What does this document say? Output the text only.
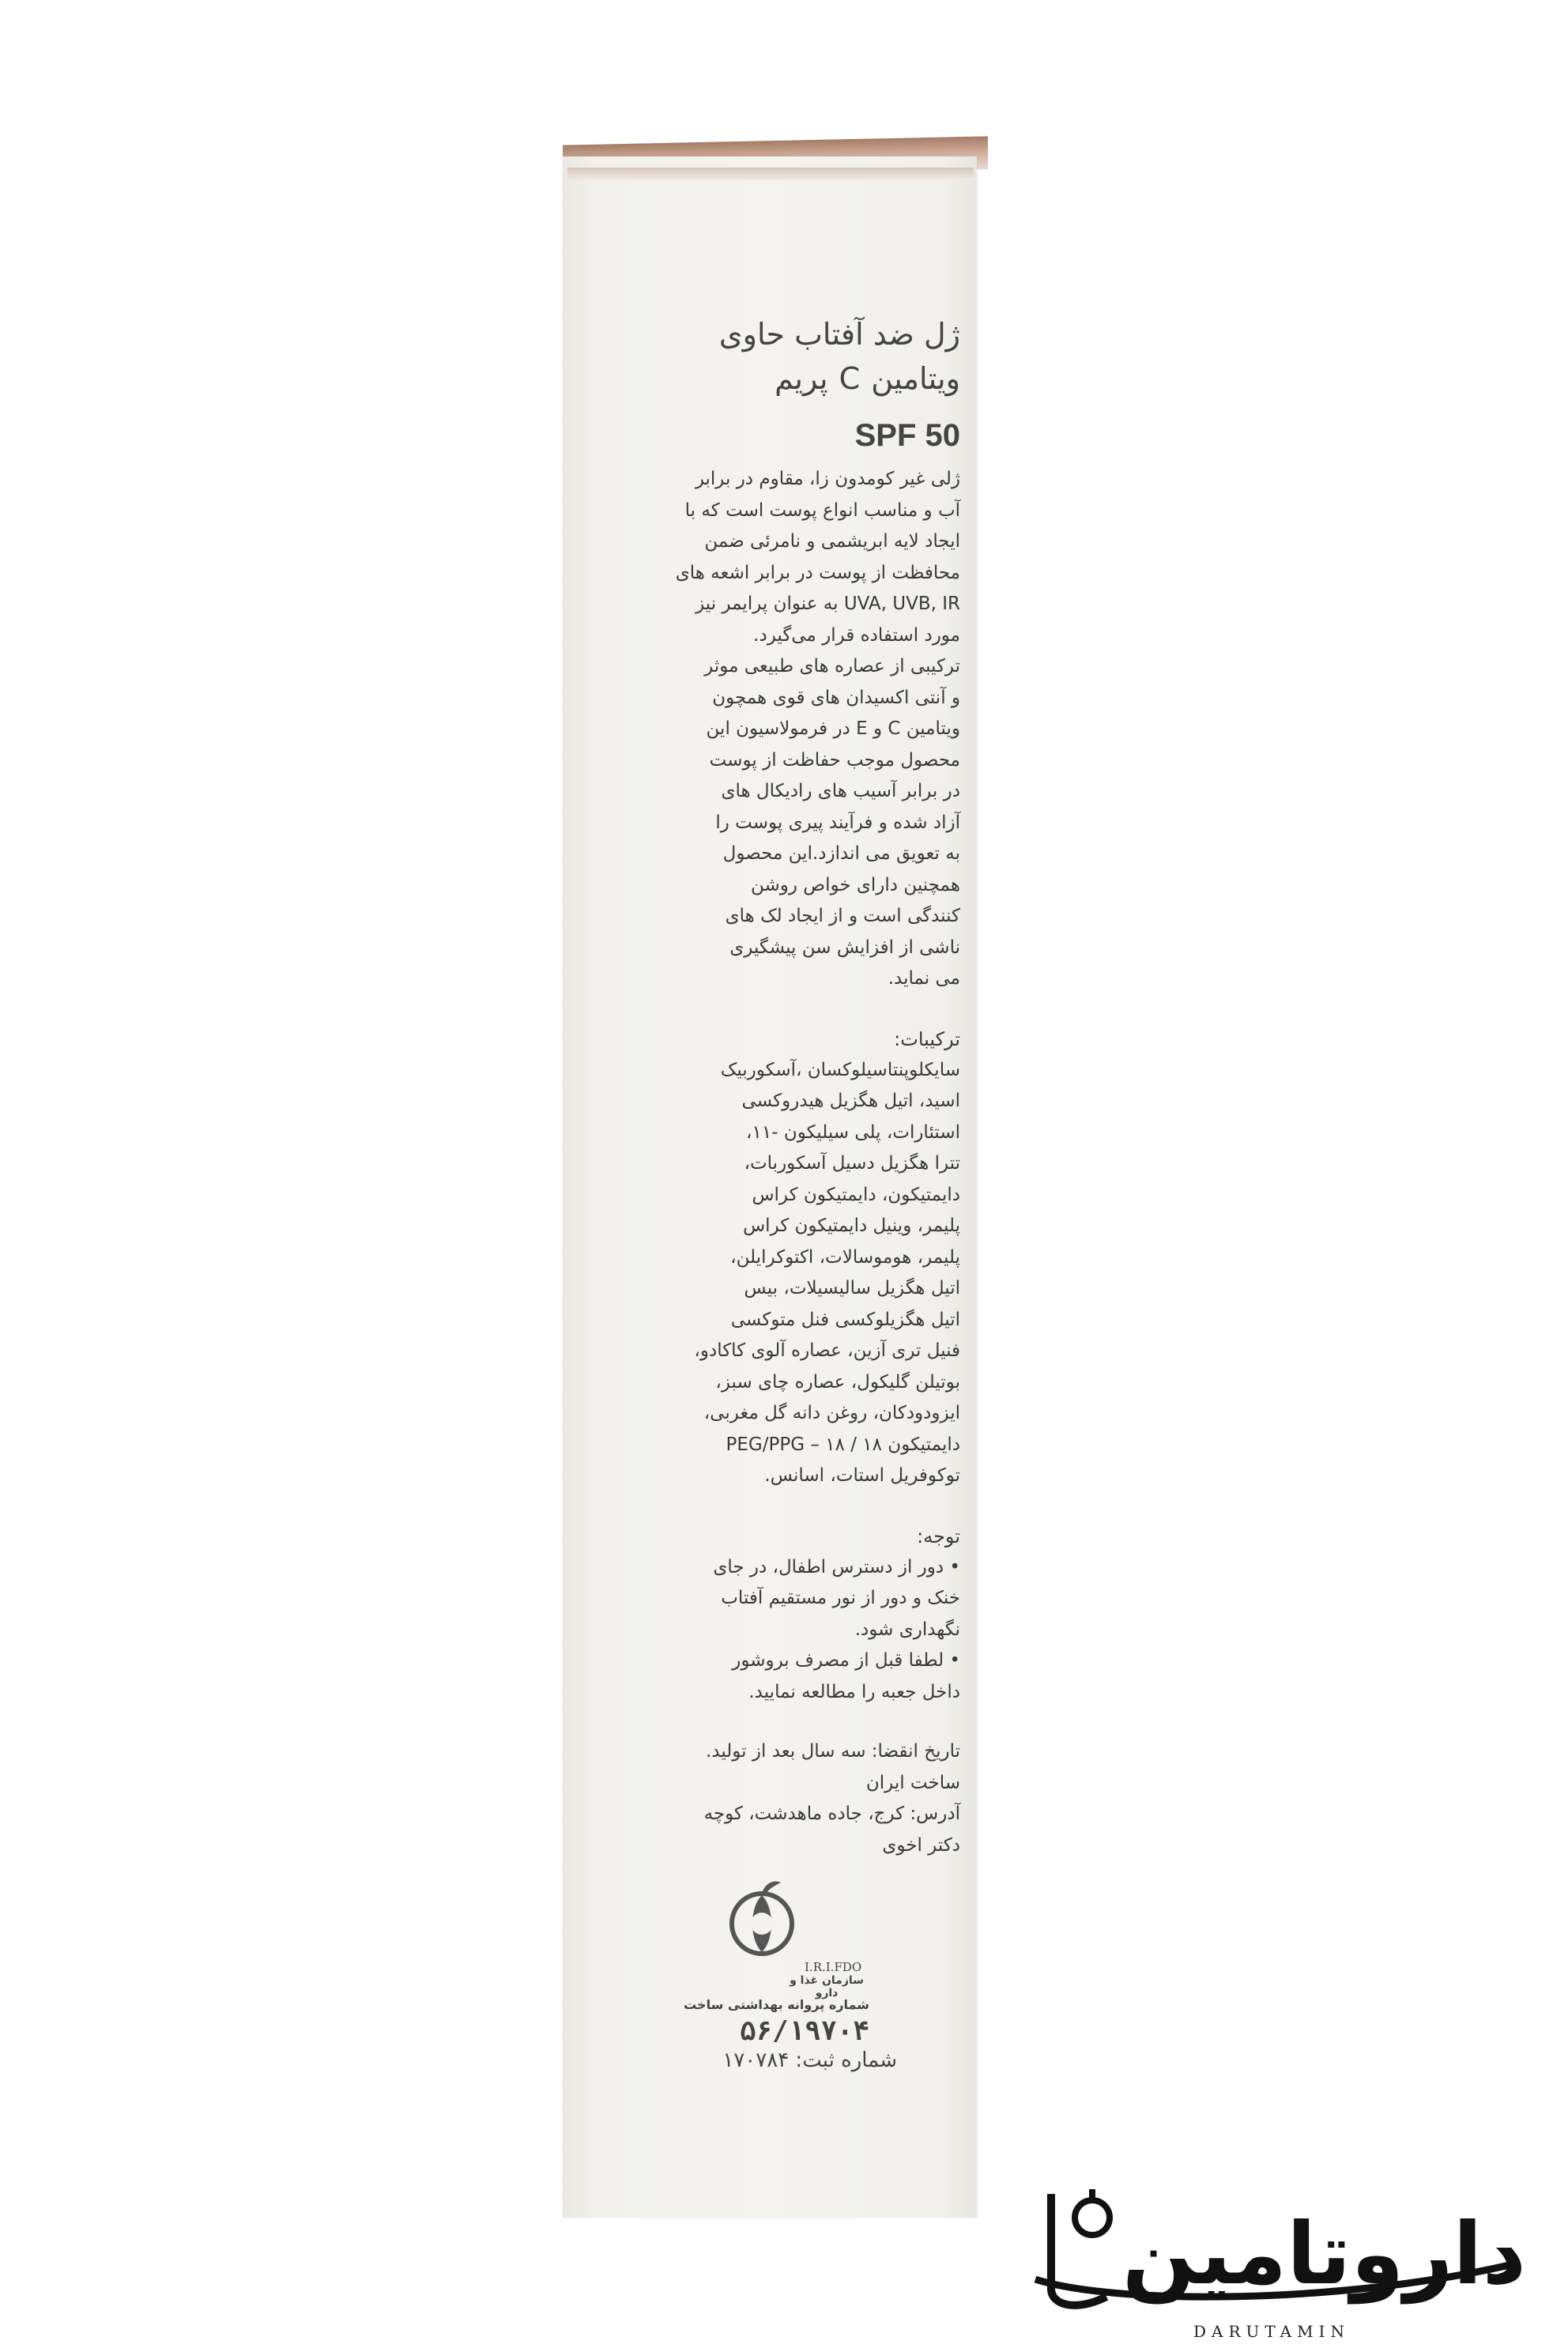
ژل ضد آفتاب حاوی

ویتامین C پریم

SPF 50

ژلی غیر کومدون زا، مقاوم در برابر

آب و مناسب انواع پوست است که با

ایجاد لایه ابریشمی و نامرئی ضمن

محافظت از پوست در برابر اشعه های

UVA, UVB, IR به عنوان پرایمر نیز

مورد استفاده قرار می‌گیرد.

ترکیبی از عصاره های طبیعی موثر

و آنتی اکسیدان های قوی همچون

ویتامین C و E در فرمولاسیون این

محصول موجب حفاظت از پوست

در برابر آسیب های رادیکال های

آزاد شده و فرآیند پیری پوست را

به تعویق می اندازد.این محصول

همچنین دارای خواص روشن

کنندگی است و از ایجاد لک های

ناشی از افزایش سن پیشگیری

می نماید.

ترکیبات:

سایکلوپنتاسیلوکسان ،آسکوربیک

اسید، اتیل هگزیل هیدروکسی

استئارات، پلی سیلیکون -۱۱،

تترا هگزیل دسیل آسکوربات،

دایمتیکون، دایمتیکون کراس

پلیمر، وینیل دایمتیکون کراس

پلیمر، هوموسالات، اکتوکرایلن،

اتیل هگزیل سالیسیلات، بیس

اتیل هگزیلوکسی فنل متوکسی

فنیل تری آزین، عصاره آلوی کاکادو،

بوتیلن گلیکول، عصاره چای سبز،

ایزودودکان، روغن دانه گل مغربی،

دایمتیکون ۱۸ / ۱۸ – PEG/PPG

توکوفریل استات، اسانس.

توجه:

• دور از دسترس اطفال، در جای
خنک و دور از نور مستقیم آفتاب
نگهداری شود.
• لطفا قبل از مصرف بروشور
داخل جعبه را مطالعه نمایید.

تاریخ انقضا: سه سال بعد از تولید.

ساخت ایران

آدرس: کرج، جاده ماهدشت، کوچه

دکتر اخوی

I.R.I.FDO
سازمان غذا و دارو
شماره پروانه بهداشتی ساخت
۵۶/۱۹۷۰۴
شماره ثبت: ۱۷۰۷۸۴
داروتامین
DARUTAMIN
